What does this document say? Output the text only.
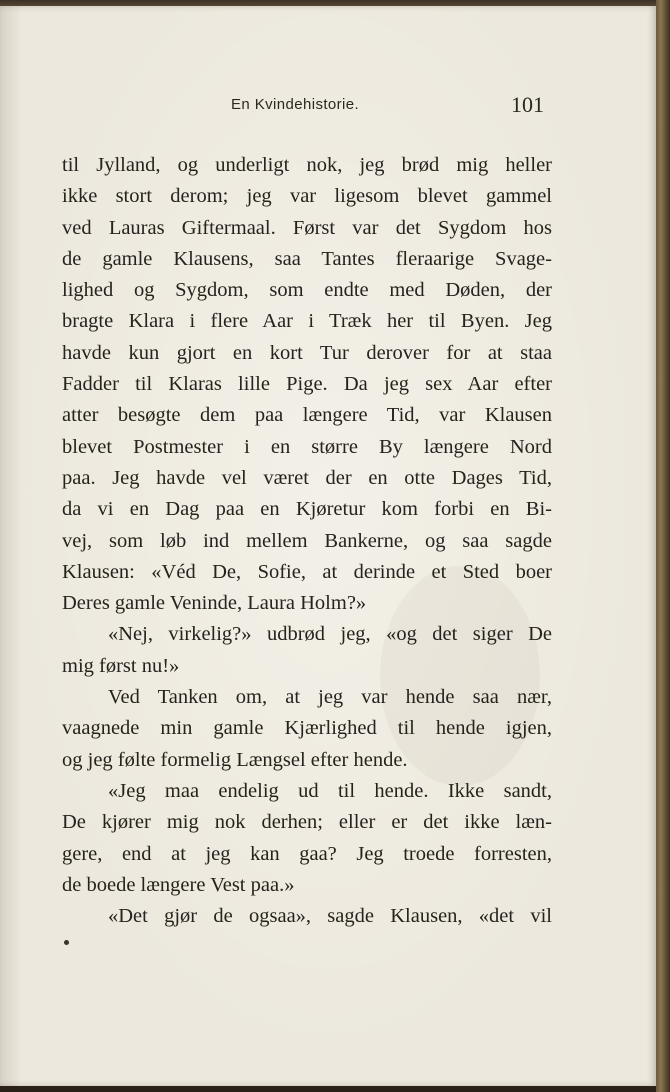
En Kvindehistorie.	101
til Jylland, og underligt nok, jeg brød mig heller
ikke stort derom; jeg var ligesom blevet gammel
ved Lauras Giftermaal. Først var det Sygdom hos
de gamle Klausens, saa Tantes fleraarige Svage-
lighed og Sygdom, som endte med Døden, der
bragte Klara i flere Aar i Træk her til Byen. Jeg
havde kun gjort en kort Tur derover for at staa
Fadder til Klaras lille Pige. Da jeg sex Aar efter
atter besøgte dem paa længere Tid, var Klausen
blevet Postmester i en større By længere Nord
paa. Jeg havde vel været der en otte Dages Tid,
da vi en Dag paa en Kjøretur kom forbi en Bi-
vej, som løb ind mellem Bankerne, og saa sagde
Klausen: «Véd De, Sofie, at derinde et Sted boer
Deres gamle Veninde, Laura Holm?»
«Nej, virkelig?» udbrød jeg, «og det siger De
mig først nu!»
Ved Tanken om, at jeg var hende saa nær,
vaagnede min gamle Kjærlighed til hende igjen,
og jeg følte formelig Længsel efter hende.
«Jeg maa endelig ud til hende. Ikke sandt,
De kjører mig nok derhen; eller er det ikke læn-
gere, end at jeg kan gaa? Jeg troede forresten,
de boede længere Vest paa.»
«Det gjør de ogsaa», sagde Klausen, «det vil
